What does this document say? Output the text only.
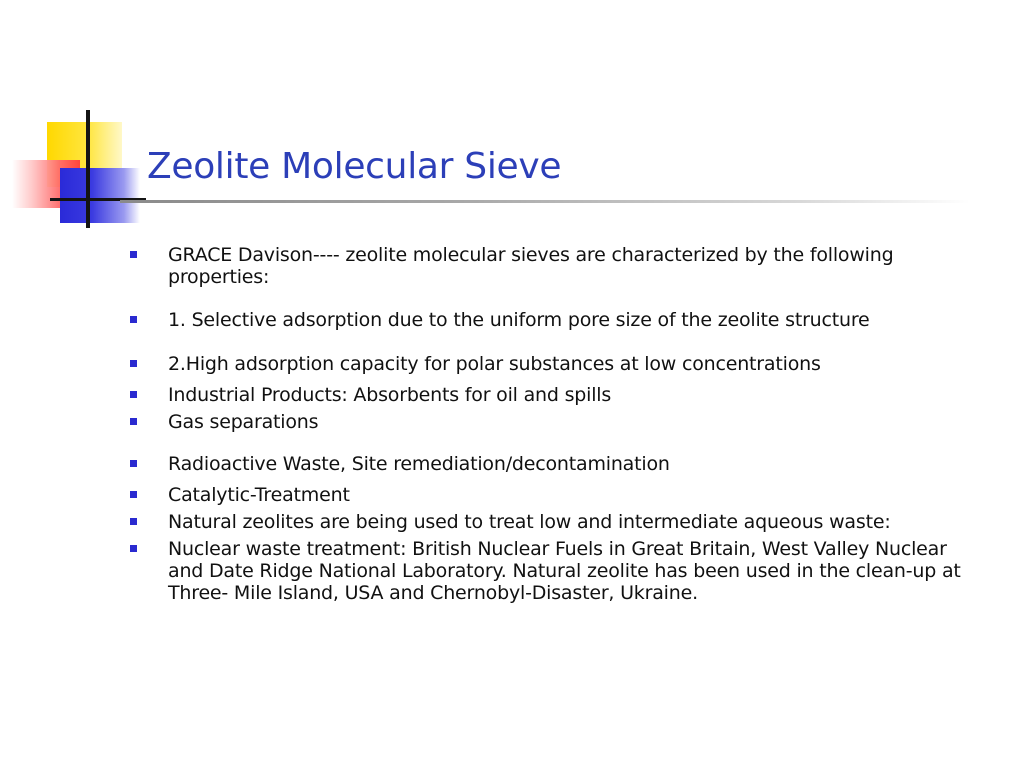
Zeolite Molecular Sieve
GRACE Davison---- zeolite molecular sieves are characterized by the following properties:
1. Selective adsorption due to the uniform pore size of the zeolite structure
2.High adsorption capacity for polar substances at low concentrations
Industrial Products: Absorbents for oil and spills
Gas separations
Radioactive Waste, Site remediation/decontamination
Catalytic-Treatment
Natural zeolites are being used to treat low and intermediate aqueous waste:
Nuclear waste treatment: British Nuclear Fuels in Great Britain, West Valley Nuclear and Date Ridge National Laboratory. Natural zeolite has been used in the clean-up at Three- Mile Island, USA and Chernobyl-Disaster, Ukraine.
